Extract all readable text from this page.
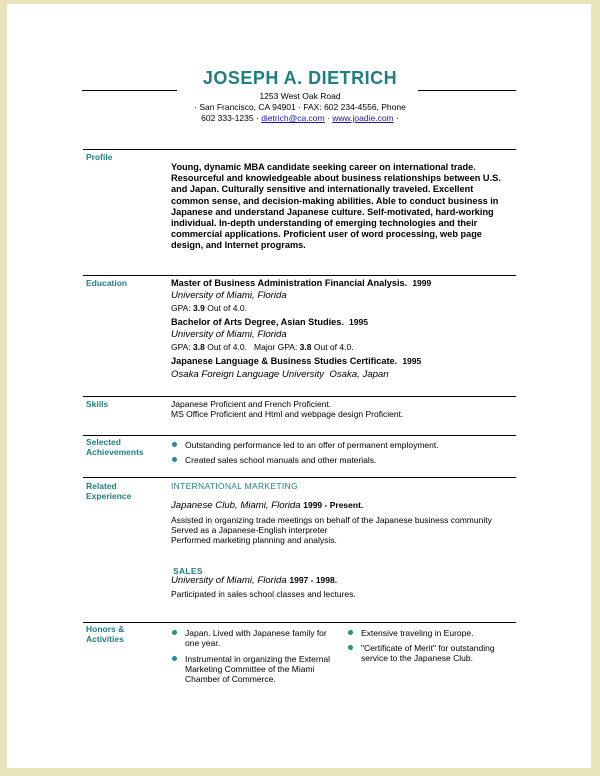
JOSEPH A. DIETRICH
1253 West Oak Road
· San Francisco, CA 94901 · FAX: 602 234-4556, Phone
602 333-1235 · dietrich@ca.com · www.joadie.com ·
Profile
Young, dynamic MBA candidate seeking career on international trade. Resourceful and knowledgeable about business relationships between U.S. and Japan. Culturally sensitive and internationally traveled. Excellent common sense, and decision-making abilities. Able to conduct business in Japanese and understand Japanese culture. Self-motivated, hard-working individual. In-depth understanding of emerging technologies and their commercial applications. Proficient user of word processing, web page design, and Internet programs.
Education	Master of Business Administration Financial Analysis. 1999
University of Miami, Florida
GPA: 3.9 Out of 4.0.
Bachelor of Arts Degree, Asian Studies. 1995
University of Miami, Florida
GPA: 3.8 Out of 4.0.   Major GPA: 3.8 Out of 4.0.
Japanese Language & Business Studies Certificate. 1995
Osaka Foreign Language University  Osaka, Japan
Skills	Japanese Proficient and French Proficient.
MS Office Proficient and Html and webpage design Proficient.
Selected
Achievements
Outstanding performance led to an offer of permanent employment.
Created sales school manuals and other materials.
Related
Experience
INTERNATIONAL MARKETING
Japanese Club, Miami, Florida 1999 - Present.
Assisted in organizing trade meetings on behalf of the Japanese business community
Served as a Japanese-English interpreter
Performed marketing planning and analysis.
SALES
University of Miami, Florida 1997 - 1998.
Participated in sales school classes and lectures.
Honors &
Activities
Japan. Lived with Japanese family for
one year.
Instrumental in organizing the External
Marketing Committee of the Miami
Chamber of Commerce.
Extensive traveling in Europe.
"Certificate of Merit" for outstanding
service to the Japanese Club.
